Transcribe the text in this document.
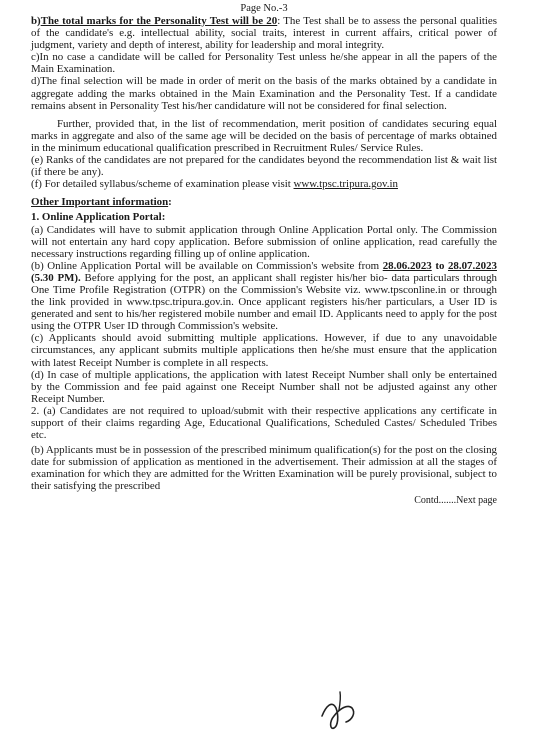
Page No.-3

b)The total marks for the Personality Test will be 20: The Test shall be to assess the personal qualities of the candidate's e.g. intellectual ability, social traits, interest in current affairs, critical power of judgment, variety and depth of interest, ability for leadership and moral integrity.

c)In no case a candidate will be called for Personality Test unless he/she appear in all the papers of the Main Examination.

d)The final selection will be made in order of merit on the basis of the marks obtained by a candidate in aggregate adding the marks obtained in the Main Examination and the Personality Test. If a candidate remains absent in Personality Test his/her candidature will not be considered for final selection.

Further, provided that, in the list of recommendation, merit position of candidates securing equal marks in aggregate and also of the same age will be decided on the basis of percentage of marks obtained in the minimum educational qualification prescribed in Recruitment Rules/ Service Rules.

(e) Ranks of the candidates are not prepared for the candidates beyond the recommendation list & wait list (if there be any).

(f) For detailed syllabus/scheme of examination please visit www.tpsc.tripura.gov.in

Other Important information:

1. Online Application Portal:

(a) Candidates will have to submit application through Online Application Portal only. The Commission will not entertain any hard copy application. Before submission of online application, read carefully the necessary instructions regarding filling up of online application.

(b) Online Application Portal will be available on Commission's website from 28.06.2023 to 28.07.2023 (5.30 PM). Before applying for the post, an applicant shall register his/her bio- data particulars through One Time Profile Registration (OTPR) on the Commission's Website viz. www.tpsconline.in or through the link provided in www.tpsc.tripura.gov.in. Once applicant registers his/her particulars, a User ID is generated and sent to his/her registered mobile number and email ID. Applicants need to apply for the post using the OTPR User ID through Commission's website.

(c) Applicants should avoid submitting multiple applications. However, if due to any unavoidable circumstances, any applicant submits multiple applications then he/she must ensure that the application with latest Receipt Number is complete in all respects.

(d) In case of multiple applications, the application with latest Receipt Number shall only be entertained by the Commission and fee paid against one Receipt Number shall not be adjusted against any other Receipt Number.

2. (a) Candidates are not required to upload/submit with their respective applications any certificate in support of their claims regarding Age, Educational Qualifications, Scheduled Castes/ Scheduled Tribes etc.

(b) Applicants must be in possession of the prescribed minimum qualification(s) for the post on the closing date for submission of application as mentioned in the advertisement. Their admission at all the stages of examination for which they are admitted for the Written Examination will be purely provisional, subject to their satisfying the prescribed

Contd.......Next page
